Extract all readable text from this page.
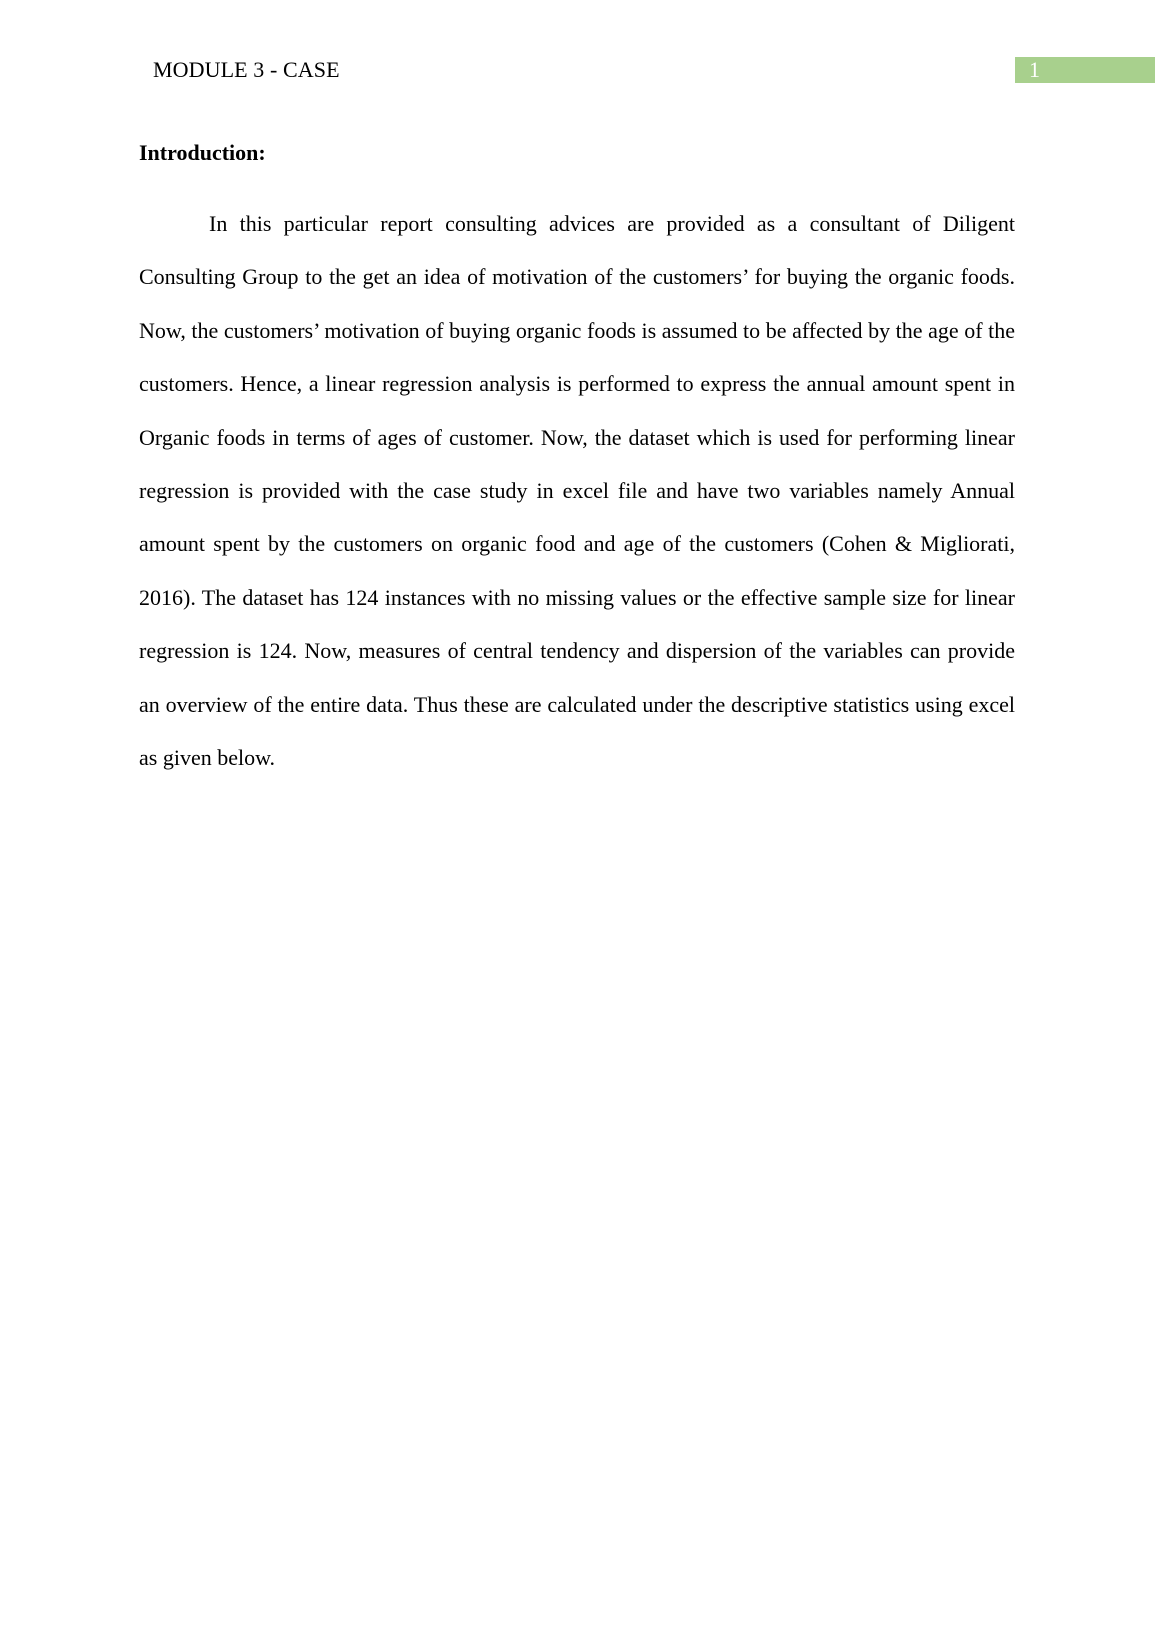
MODULE 3 - CASE	1
Introduction:

In this particular report consulting advices are provided as a consultant of Diligent Consulting Group to the get an idea of motivation of the customers’ for buying the organic foods. Now, the customers’ motivation of buying organic foods is assumed to be affected by the age of the customers. Hence, a linear regression analysis is performed to express the annual amount spent in Organic foods in terms of ages of customer. Now, the dataset which is used for performing linear regression is provided with the case study in excel file and have two variables namely Annual amount spent by the customers on organic food and age of the customers (Cohen & Migliorati, 2016). The dataset has 124 instances with no missing values or the effective sample size for linear regression is 124. Now, measures of central tendency and dispersion of the variables can provide an overview of the entire data. Thus these are calculated under the descriptive statistics using excel as given below.
